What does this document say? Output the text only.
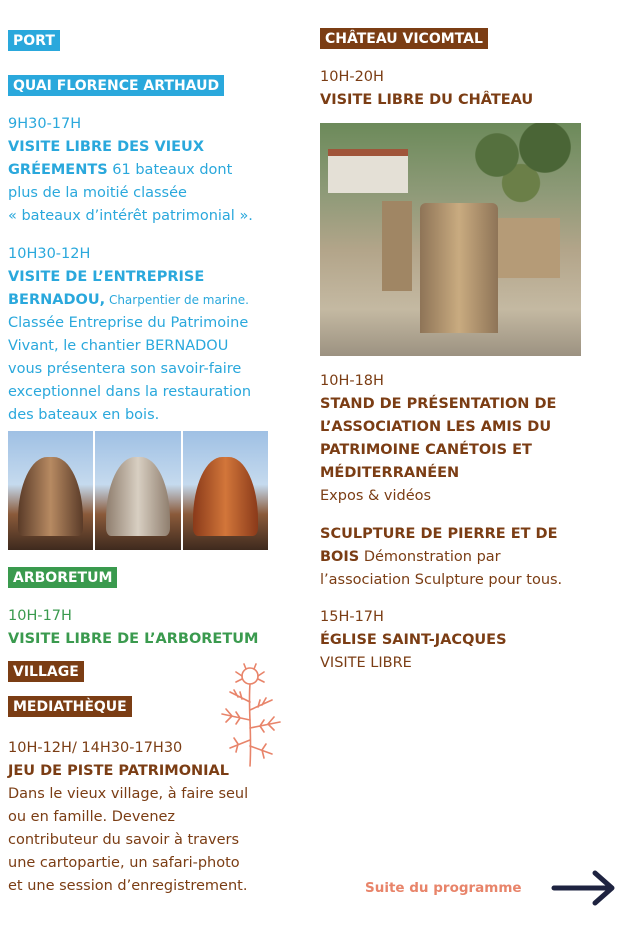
PORT
QUAI FLORENCE ARTHAUD
9H30-17H
VISITE LIBRE DES VIEUX
GRÉEMENTS 61 bateaux dont
plus de la moitié classée
« bateaux d’intérêt patrimonial ».
10H30-12H
VISITE DE L’ENTREPRISE
BERNADOU, Charpentier de marine.
Classée Entreprise du Patrimoine
Vivant, le chantier BERNADOU
vous présentera son savoir-faire
exceptionnel dans la restauration
des bateaux en bois.
ARBORETUM
10H-17H
VISITE LIBRE DE L’ARBORETUM
VILLAGE
MEDIATHÈQUE
10H-12H/ 14H30-17H30
JEU DE PISTE PATRIMONIAL
Dans le vieux village, à faire seul
ou en famille. Devenez
contributeur du savoir à travers
une cartopartie, un safari-photo
et une session d’enregistrement.
CHÂTEAU VICOMTAL
10H-20H
VISITE LIBRE DU CHÂTEAU
10H-18H
STAND DE PRÉSENTATION DE
L’ASSOCIATION LES AMIS DU
PATRIMOINE CANÉTOIS ET
MÉDITERRANÉEN
Expos & vidéos
SCULPTURE DE PIERRE ET DE
BOIS Démonstration par
l’association Sculpture pour tous.
15H-17H
ÉGLISE SAINT-JACQUES
VISITE LIBRE
Suite du programme
